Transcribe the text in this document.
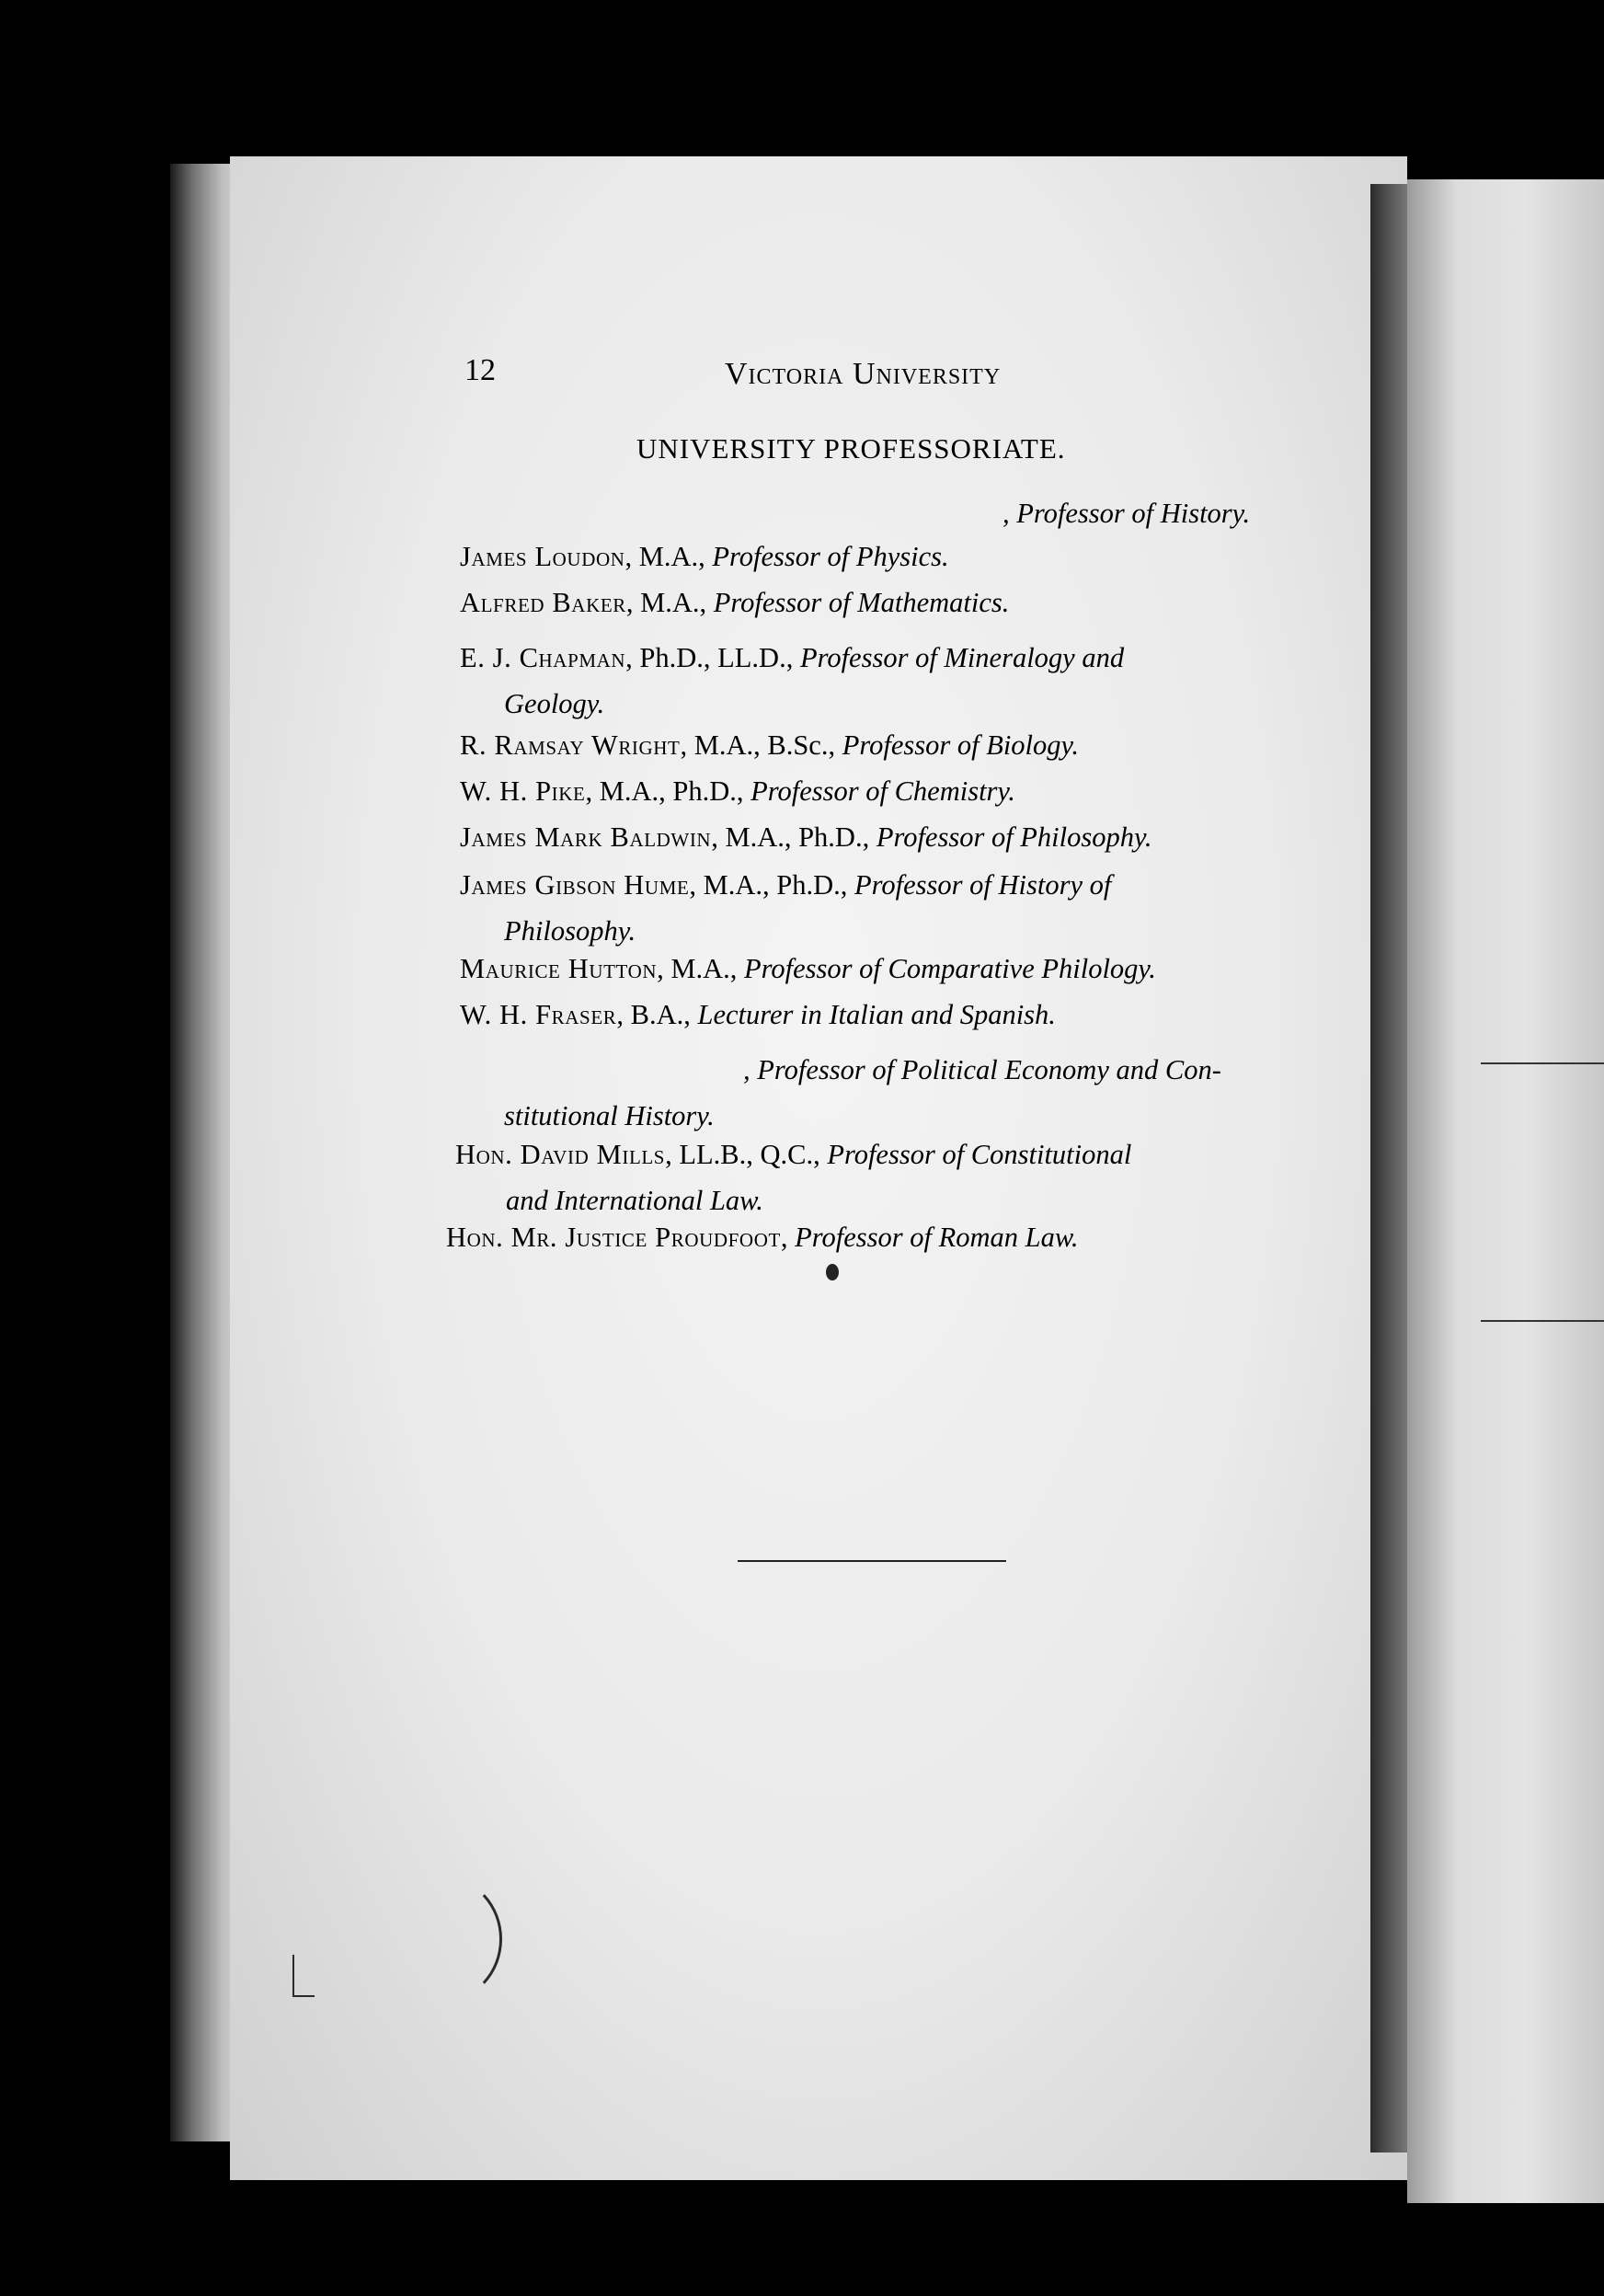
12	Victoria University
UNIVERSITY PROFESSORIATE.
, Professor of History.
James Loudon, M.A., Professor of Physics.
Alfred Baker, M.A., Professor of Mathematics.
E. J. Chapman, Ph.D., LL.D., Professor of Mineralogy and
Geology.
R. Ramsay Wright, M.A., B.Sc., Professor of Biology.
W. H. Pike, M.A., Ph.D., Professor of Chemistry.
James Mark Baldwin, M.A., Ph.D., Professor of Philosophy.
James Gibson Hume, M.A., Ph.D., Professor of History of
Philosophy.
Maurice Hutton, M.A., Professor of Comparative Philology.
W. H. Fraser, B.A., Lecturer in Italian and Spanish.
, Professor of Political Economy and Con-
stitutional History.
Hon. David Mills, LL.B., Q.C., Professor of Constitutional
and International Law.
Hon. Mr. Justice Proudfoot, Professor of Roman Law.
